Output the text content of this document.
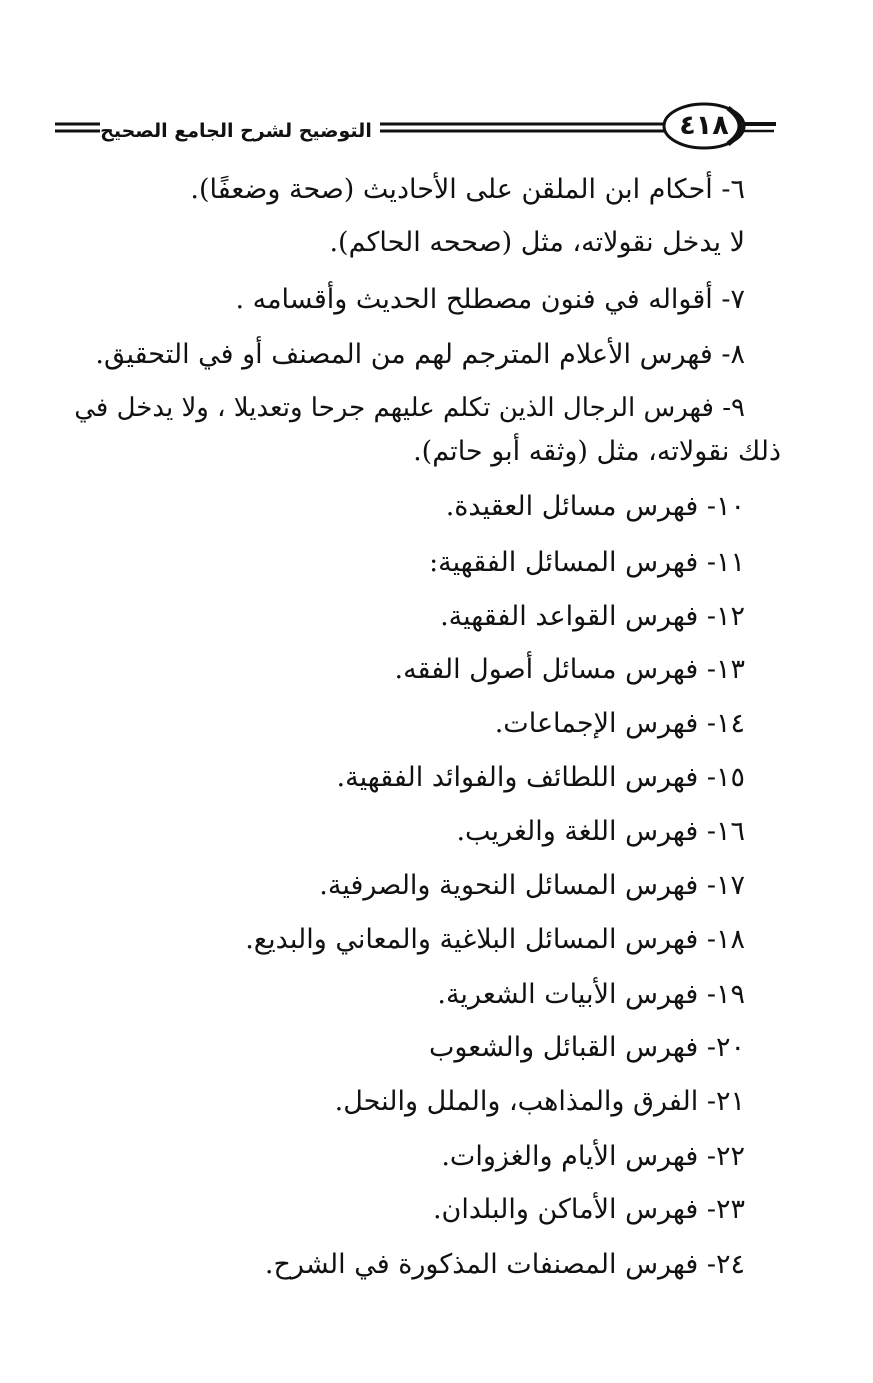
٤١٨
التوضيح لشرح الجامع الصحيح
٦- أحكام ابن الملقن على الأحاديث (صحة وضعفًا).
لا يدخل نقولاته، مثل (صححه الحاكم).
٧- أقواله في فنون مصطلح الحديث وأقسامه .
٨- فهرس الأعلام المترجم لهم من المصنف أو في التحقيق.
٩- فهرس الرجال الذين تكلم عليهم جرحا وتعديلا ، ولا يدخل في
ذلك نقولاته، مثل (وثقه أبو حاتم).
١٠- فهرس مسائل العقيدة.
١١- فهرس المسائل الفقهية:
١٢- فهرس القواعد الفقهية.
١٣- فهرس مسائل أصول الفقه.
١٤- فهرس الإجماعات.
١٥- فهرس اللطائف والفوائد الفقهية.
١٦- فهرس اللغة والغريب.
١٧- فهرس المسائل النحوية والصرفية.
١٨- فهرس المسائل البلاغية والمعاني والبديع.
١٩- فهرس الأبيات الشعرية.
٢٠- فهرس القبائل والشعوب
٢١- الفرق والمذاهب، والملل والنحل.
٢٢- فهرس الأيام والغزوات.
٢٣- فهرس الأماكن والبلدان.
٢٤- فهرس المصنفات المذكورة في الشرح.
